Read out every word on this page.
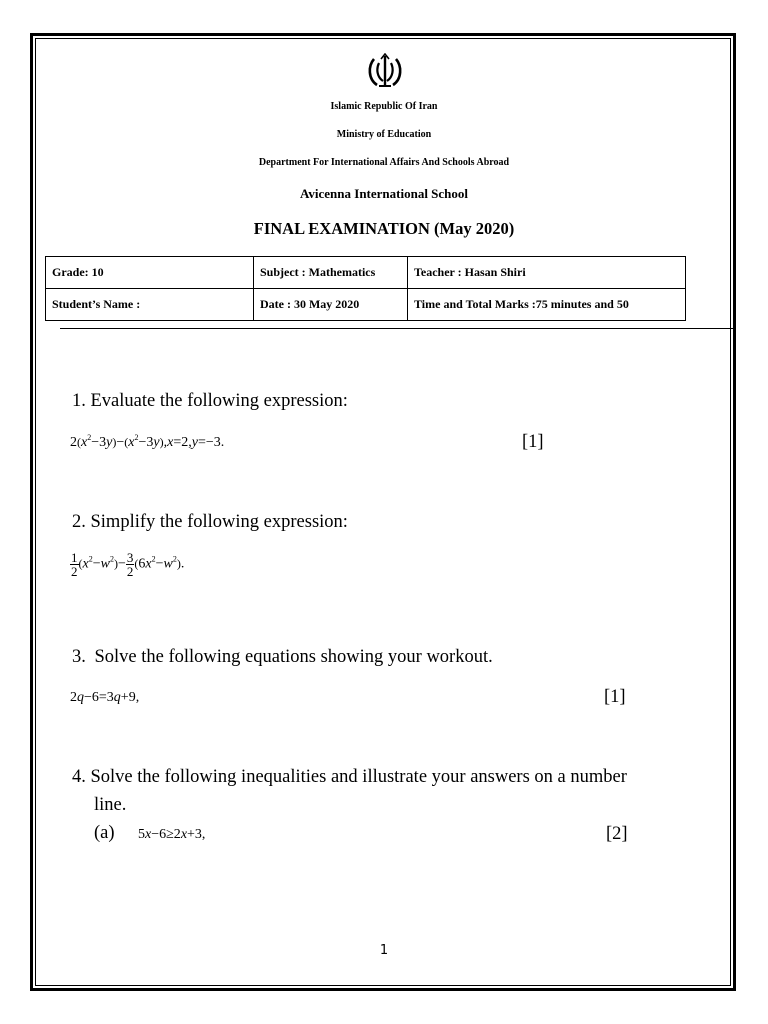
Islamic Republic Of Iran
Ministry of Education
Department For International Affairs And Schools Abroad
Avicenna International School
FINAL EXAMINATION (May 2020)
Grade: 10	Subject : Mathematics	Teacher : Hasan Shiri
Student’s Name :	Date : 30 May 2020	Time and Total Marks :75 minutes and 50
1. Evaluate the following expression:
$2(x^2-3y)-(x^2-3y),x=2,y=-3$.	[1]
2. Simplify the following expression:
$\frac{1}{2} (x^2-w^2)- \frac{3}{2} (6x^2-w^2)$.
3. Solve the following equations showing your workout.
2q−6=3q+9,	[1]
4. Solve the following inequalities and illustrate your answers on a number
line.
(a) 5x−6≥2x+3,	[2]
1
